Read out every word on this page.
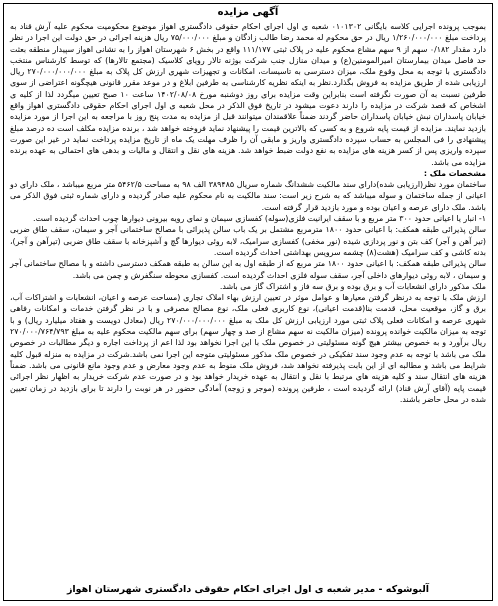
آگهی مزایده

بموجب پرونده اجرایی کلاسه بایگانی ۰۱۰۱۳۰۲ شعبه ی اول اجرای احکام حقوقی دادگستری اهواز موضوع محکومیت محکوم علیه آرش قناد به پرداخت مبلغ ۱/۲۶۰/۰۰۰/۰۰۰ ریال در حق محکوم له محمد رضا طالب زادگان و مبلغ ۷۵/۰۰۰/۰۰۰ ریال هزینه اجرائی در حق دولت این اجرا در نظر دارد مقدار ۰/۱۸۲ سهم از ۹ سهم مشاع محکوم علیه در پلاک ثبتی ۱۱۱/۱۷۷ واقع در بخش ۶ شهرستان اهواز را به نشانی اهواز سپیدار منطقه بعثت حد فاصل میدان بیمارستان امیرالمومنین(ع) و میدان منازل جنب شرکت بوژنه تالار رویای کلاسیک (مجتمع تالارها) که توسط کارشناس منتخب دادگستری با توجه به محل وقوع ملک، میزان دسترسی به تاسیسات، امکانات و تجهیزات شهری ارزش کل پلاک به مبلغ ۲۷۰/۰۰۰/۰۰۰/۰۰۰ ریال ارزیابی شده از طریق مزایده به فروش بگذارد.نظر به اینکه نظریه کارشناسی به طرفین ابلاغ و در موعد مقرر قانونی هیچگونه اعتراضی از سوی طرفین نسبت به آن صورت نگرفته است بنابراین وقت مزایده برای روز دوشنبه مورخ ۱۴۰۲/۰۸/۰۸ ساعت ۱۰ صبح تعیین میگردد لذا از کلیه ی اشخاص که قصد شرکت در مزایده را دارند دعوت میشود در تاریخ فوق الذکر در محل شعبه ی اول اجرای احکام حقوقی دادگستری اهواز واقع خیابان پاسداران نبش خیابان پاسداران حاضر گردند ضمناً علاقمندان میتوانند قبل از مزایده به مدت پنج روز با مراجعه به این اجرا از مورد مزایده بازدید نمایند. مزایده از قیمت پایه شروع و به کسی که بالاترین قیمت را پیشنهاد نماید فروخته خواهد شد ، برنده مزایده مکلف است ده درصد مبلغ پیشنهادی را فی المجلس به حساب سپرده دادگستری واریز و مابقی آن را ظرف مهلت یک ماه از تاریخ مزایده پرداخت نماید در غیر این صورت سپرده واریزی پس از کسر هزینه های مزایده به نفع دولت ضبط خواهد شد. هزینه های نقل و انتقال و مالیات و بدهی های احتمالی به عهده برنده مزایده می باشد.

مشخصات ملک :

ساختمان مورد نظر(ارزیابی شده)دارای سند مالکیت ششدانگ شماره سریال ۳۸۹۴۸۵ الف ۹۸ به مساحت ۵۴۶۲/۵ متر مربع میباشد ، ملک دارای دو اعیانی از جمله ساختمان و سوله میباشد که به شرح زیر است: سند مالکیت به نام محکوم علیه صادر گردیده و دارای شماره ثبتی فوق الذکر می باشد. ملک دارای عرصه و اعیان بوده و مورد بازدید قرار گرفته است.

۱- انبار یا اعیانی حدود ۳۰۰ متر مربع و با سقف ایرانیت فلزی(سوله) کفسازی سیمان و نمای رویه بیرونی دیوارها چوب احداث گردیده است.

سالن پذیرائی طبقه همکف: با اعیانی حدود ۱۸۰۰ مترمربع مشتمل بر یک باب سالن پذیرائی با مصالح ساختمانی آجر و سیمان، سقف طاق ضربی (تیر آهن و آجر) کف بتن و نور پردازی شیده (نور مخفی) کفسازی سرامیک، لابه روئی دیوارها گچ و آشپزخانه با سقف طاق ضربی (تیرآهن و آجر)، بدنه کاشی و کف سرامیک (هشت(۸) چشمه سرویس بهداشتی احداث گردیده است.

سالن پذیرائی طبقه همکف: با اعیانی حدود ۱۸۰۰ متر مربع که از طبقه اول به این سالن به طبقه همکف دسترسی داشته و با مصالح ساختمانی آجر و سیمان ، لابه روئی دیوارهای داخلی آجر، سقف سوله فلزی احداث گردیده است. کفسازی محوطه سنگفرش و چمن می باشد.

ملک مذکور دارای انشعابات آب و برق بوده و برق سه فاز و اشتراک گاز می باشد.

ارزش ملک با توجه به درنظر گرفتن معیارها و عوامل موثر در تعیین ارزش بهاء املاک تجاری (مساحت عرصه و اعیان، انشعابات و اشتراکات آب، برق و گاز، موقعیت محل، قدمت بنا(قدمت اعیانی)، نوع کاربری فعلی ملک، نوع مصالح مصرفی و با در نظر گرفتن خدمات و امکانات رفاهی شهری عرصه و امکانات فعلی پلاک ثبتی مورد ارزیابی ارزش کل ملک به مبلغ ۲۷۰/۰۰۰/۰۰۰/۰۰۰ ریال (معادل دویست و هفتاد میلیارد ریال) و با توجه به میزان مالکیت خوانده پرونده (میزان مالکیت نه سهم مشاع از صد و چهار سهم) برای سهم مالکیت محکوم علیه به مبلغ ۲۷۰/۰۰۰/۷۶۴/۷۹۳ ریال برآورد و به خصوص بیشتر هیچ گونه مسئولیتی در خصوص ملک با این اجرا نخواهد بود لذا اعم از پرداخت اجاره و دیگر مطالبات در خصوص ملک می باشد با توجه به عدم وجود سند تفکیکی در خصوص ملک مذکور مسئولیتی متوجه این اجرا نمی باشد.شرکت در مزایده به منزله قبول کلیه شرایط می باشد و مطالبه ای از این بابت پذیرفته نخواهد شد، فروش ملک منوط به عدم وجود معارض و عدم وجود مانع قانونی می باشد. ضمناً هزینه های انتقال سند و کلیه هزینه های مرتبط با نقل و انتقال به عهده خریدار خواهد بود و در صورت عدم شرکت خریدار به اظهار نظر اجرائی قیمت پایه (آقای آرش قناد) ارائه گردیده است ، طرفین پرونده (موجر و زوجه) آمادگی حضور در هر نوبت را دارند تا برای بازدید در زمان تعیین شده در محل حاضر باشند.

آلبوشوکه - مدیر شعبه ی اول اجرای احکام حقوقی دادگستری شهرستان اهواز
